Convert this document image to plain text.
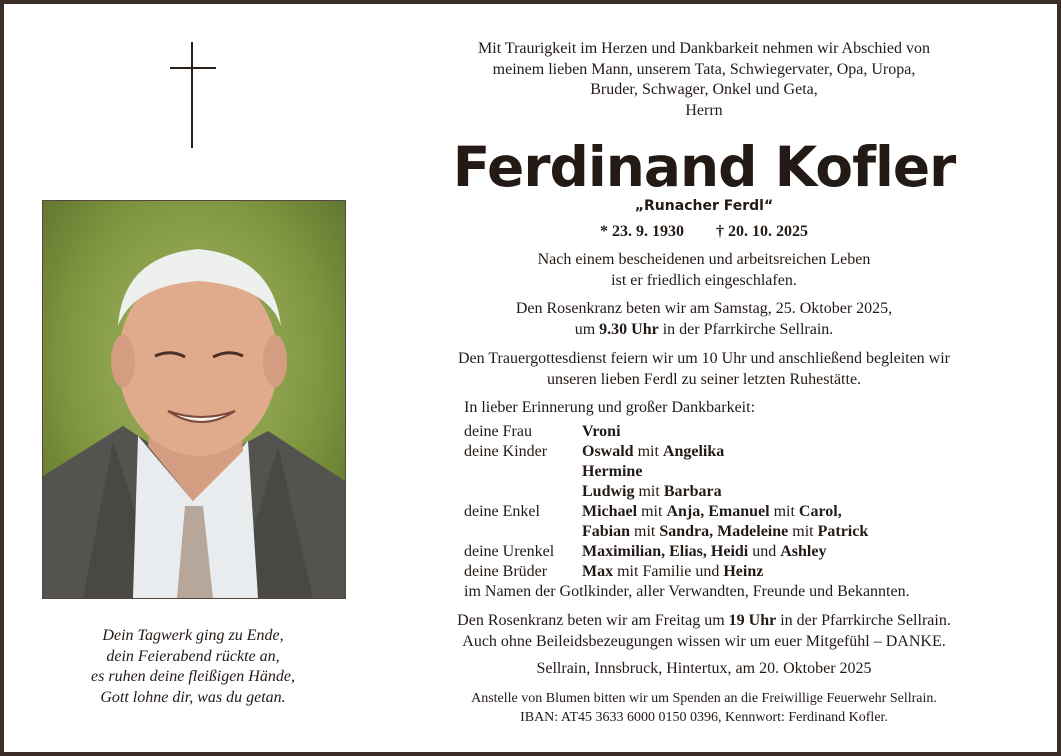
Dein Tagwerk ging zu Ende,
dein Feierabend rückte an,
es ruhen deine fleißigen Hände,
Gott lohne dir, was du getan.
Mit Traurigkeit im Herzen und Dankbarkeit nehmen wir Abschied von
meinem lieben Mann, unserem Tata, Schwiegervater, Opa, Uropa,
Bruder, Schwager, Onkel und Geta,
Herrn
Ferdinand Kofler
„Runacher Ferdl“
* 23. 9. 1930 † 20. 10. 2025
Nach einem bescheidenen und arbeitsreichen Leben
ist er friedlich eingeschlafen.
Den Rosenkranz beten wir am Samstag, 25. Oktober 2025,
um 9.30 Uhr in der Pfarrkirche Sellrain.
Den Trauergottesdienst feiern wir um 10 Uhr und anschließend begleiten wir
unseren lieben Ferdl zu seiner letzten Ruhestätte.
In lieber Erinnerung und großer Dankbarkeit:
deine Frau	Vroni
deine Kinder Oswald mit Angelika
Hermine
Ludwig mit Barbara
deine Enkel	Michael mit Anja, Emanuel mit Carol,
Fabian mit Sandra, Madeleine mit Patrick
deine Urenkel Maximilian, Elias, Heidi und Ashley
deine Brüder Max mit Familie und Heinz
im Namen der Gotlkinder, aller Verwandten, Freunde und Bekannten.
Den Rosenkranz beten wir am Freitag um 19 Uhr in der Pfarrkirche Sellrain.
Auch ohne Beileidsbezeugungen wissen wir um euer Mitgefühl – DANKE.
Sellrain, Innsbruck, Hintertux, am 20. Oktober 2025
Anstelle von Blumen bitten wir um Spenden an die Freiwillige Feuerwehr Sellrain.
IBAN: AT45 3633 6000 0150 0396, Kennwort: Ferdinand Kofler.
